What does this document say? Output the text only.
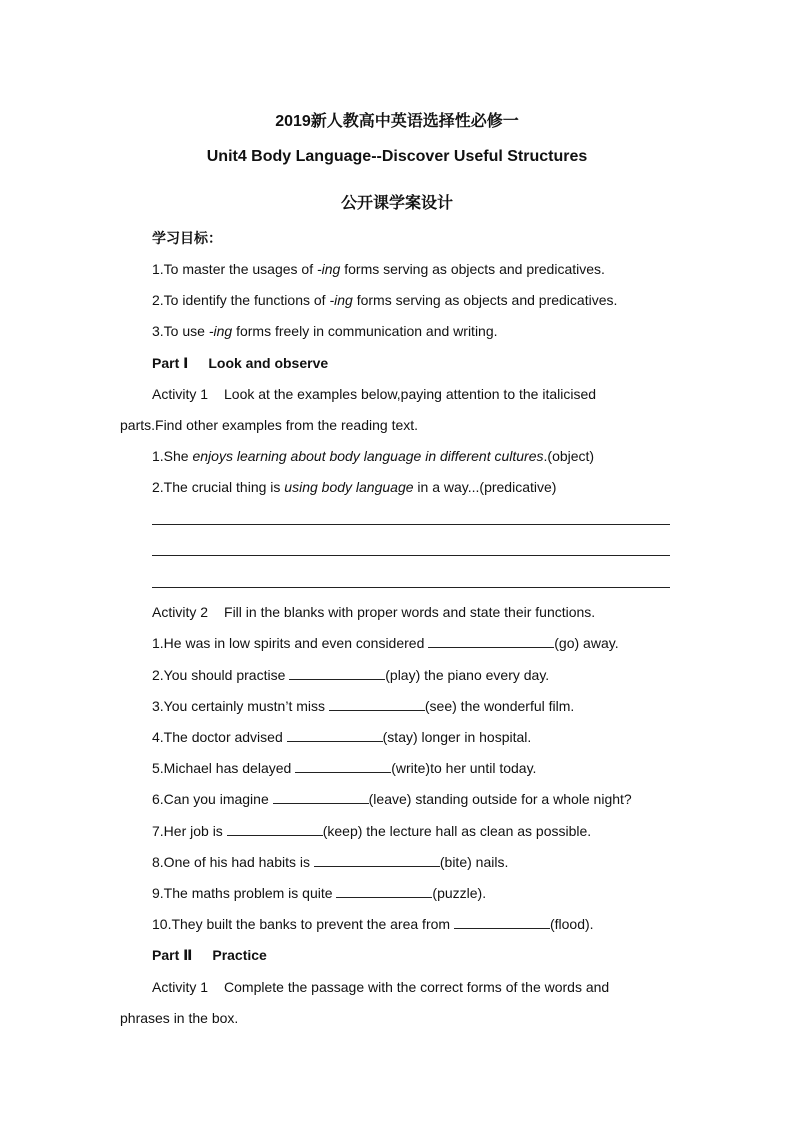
2019新人教高中英语选择性必修一
Unit4 Body Language--Discover Useful Structures
公开课学案设计
学习目标：
1.To master the usages of -ing forms serving as objects and predicatives.
2.To identify the functions of -ing forms serving as objects and predicatives.
3.To use -ing forms freely in communication and writing.
Part Ⅰ Look and observe
Activity 1 Look at the examples below,paying attention to the italicised
parts.Find other examples from the reading text.
1.She enjoys learning about body language in different cultures.(object)
2.The crucial thing is using body language in a way...(predicative)
Activity 2 Fill in the blanks with proper words and state their functions.
1.He was in low spirits and even considered	(go) away.
2.You should practise	(play) the piano every day.
3.You certainly mustn’t miss	(see) the wonderful film.
4.The doctor advised	(stay) longer in hospital.
5.Michael has delayed	(write)to her until today.
6.Can you imagine	(leave) standing outside for a whole night?
7.Her job is	(keep) the lecture hall as clean as possible.
8.One of his had habits is	(bite) nails.
9.The maths problem is quite	(puzzle).
10.They built the banks to prevent the area from	(flood).
Part Ⅱ Practice
Activity 1 Complete the passage with the correct forms of the words and
phrases in the box.
